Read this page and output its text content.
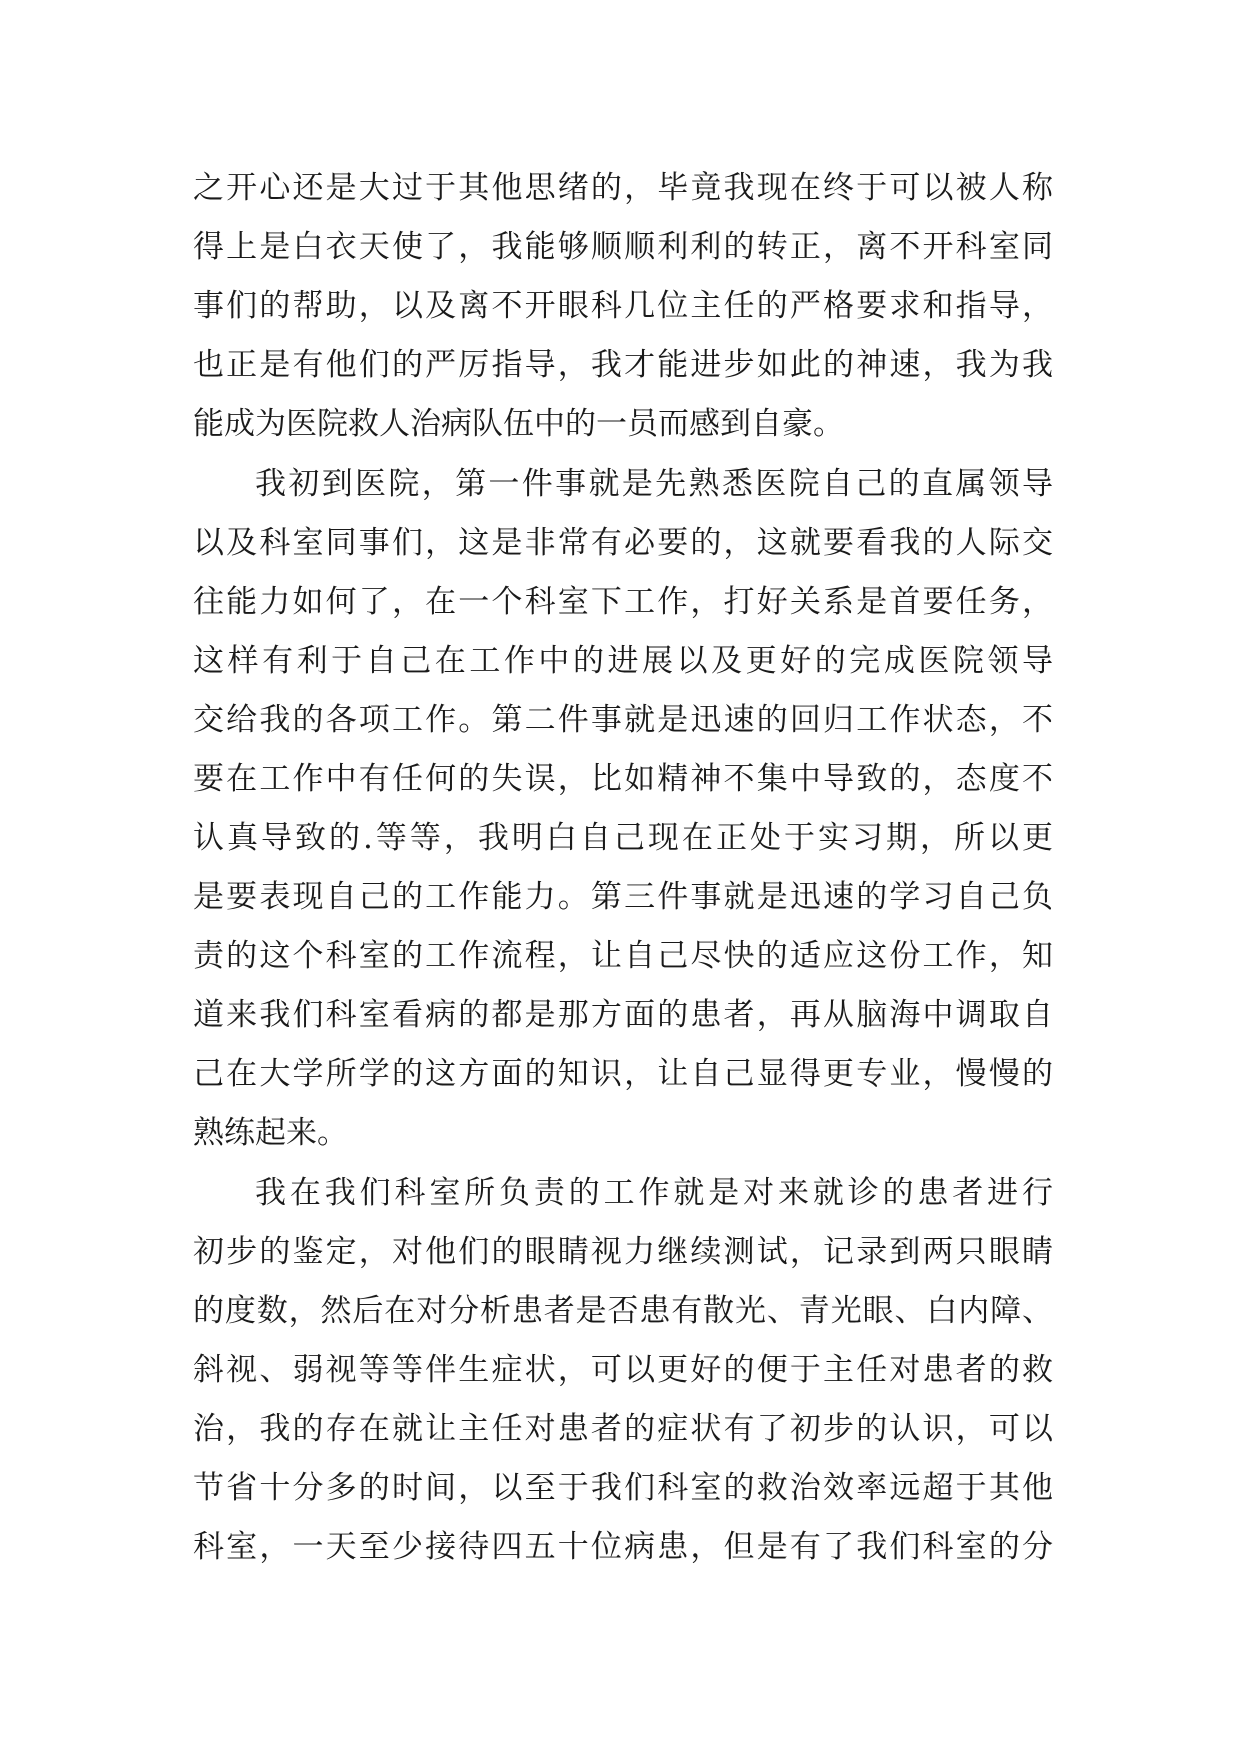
之开心还是大过于其他思绪的，毕竟我现在终于可以被人称
得上是白衣天使了，我能够顺顺利利的转正，离不开科室同
事们的帮助，以及离不开眼科几位主任的严格要求和指导，
也正是有他们的严厉指导，我才能进步如此的神速，我为我
能成为医院救人治病队伍中的一员而感到自豪。
我初到医院，第一件事就是先熟悉医院自己的直属领导
以及科室同事们，这是非常有必要的，这就要看我的人际交
往能力如何了，在一个科室下工作，打好关系是首要任务，
这样有利于自己在工作中的进展以及更好的完成医院领导
交给我的各项工作。第二件事就是迅速的回归工作状态，不
要在工作中有任何的失误，比如精神不集中导致的，态度不
认真导致的.等等，我明白自己现在正处于实习期，所以更
是要表现自己的工作能力。第三件事就是迅速的学习自己负
责的这个科室的工作流程，让自己尽快的适应这份工作，知
道来我们科室看病的都是那方面的患者，再从脑海中调取自
己在大学所学的这方面的知识，让自己显得更专业，慢慢的
熟练起来。
我在我们科室所负责的工作就是对来就诊的患者进行
初步的鉴定，对他们的眼睛视力继续测试，记录到两只眼睛
的度数，然后在对分析患者是否患有散光、青光眼、白内障、
斜视、弱视等等伴生症状，可以更好的便于主任对患者的救
治，我的存在就让主任对患者的症状有了初步的认识，可以
节省十分多的时间，以至于我们科室的救治效率远超于其他
科室，一天至少接待四五十位病患，但是有了我们科室的分
